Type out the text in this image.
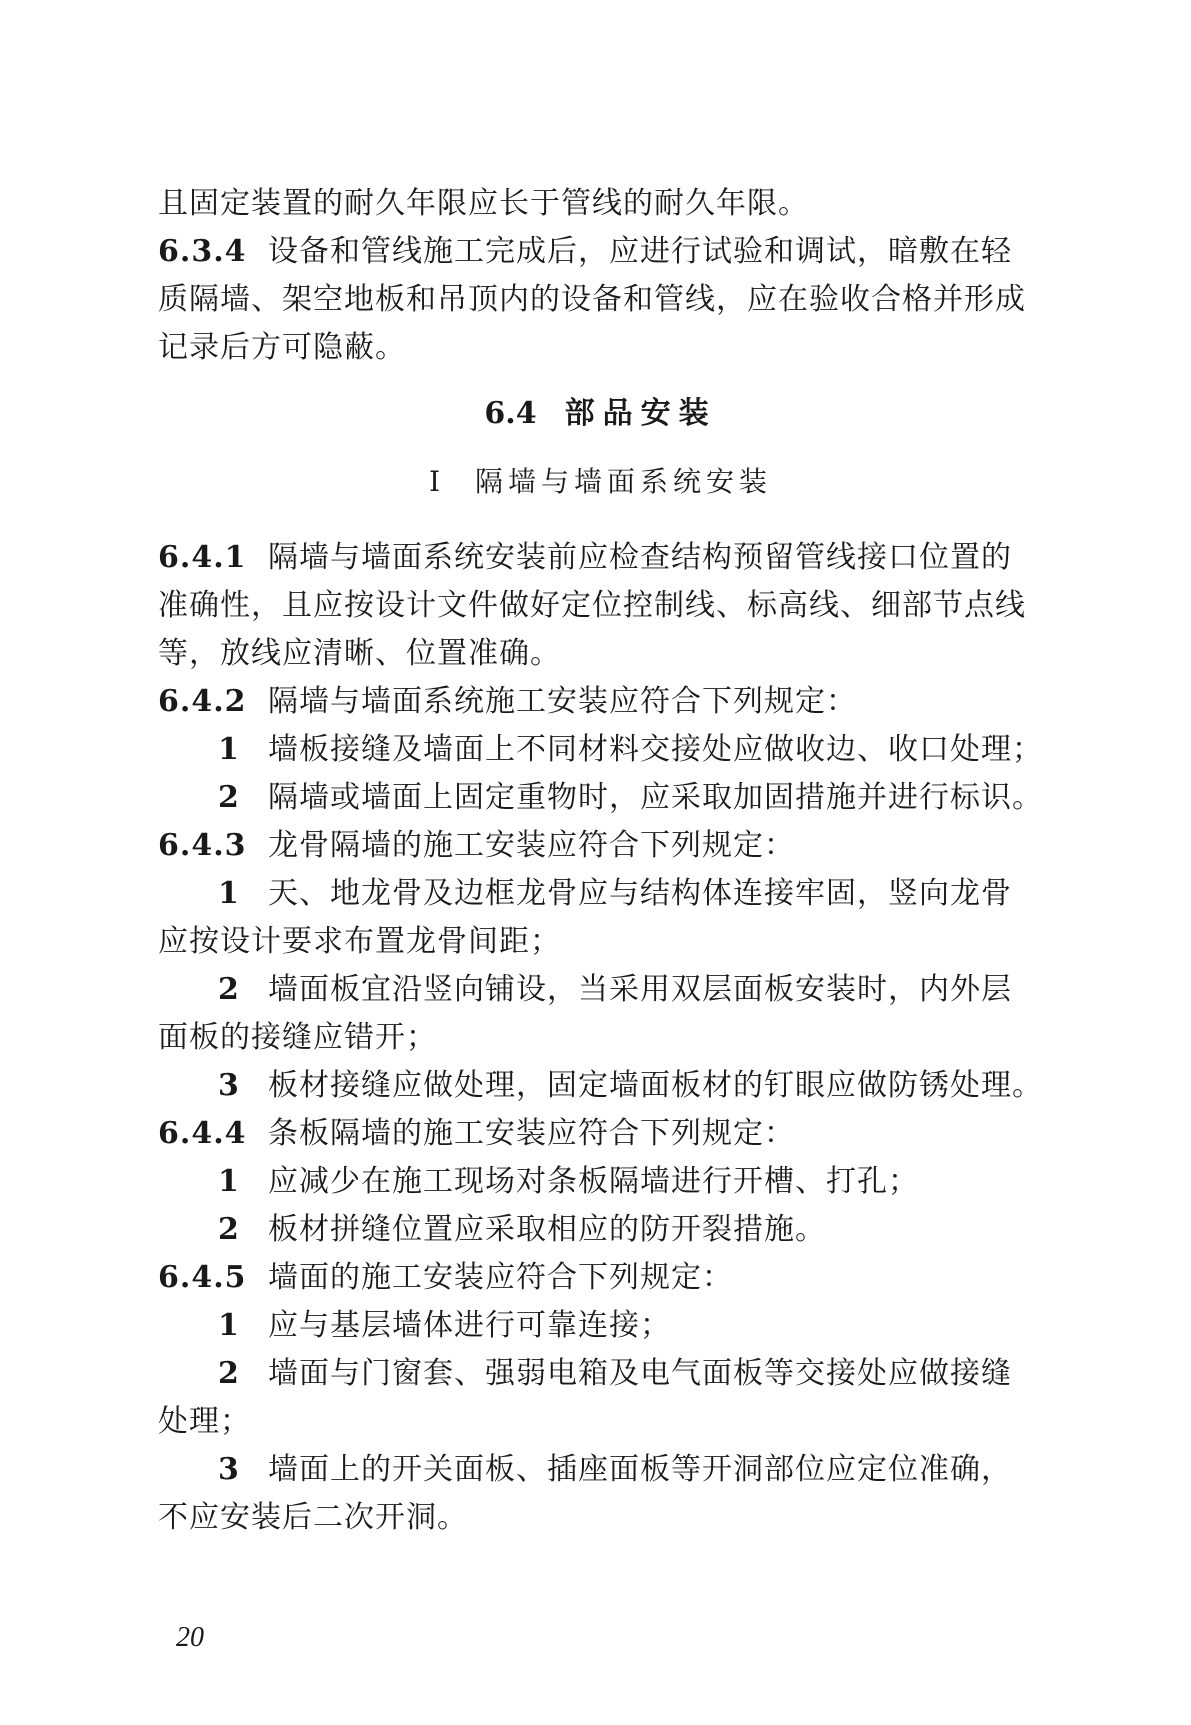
且固定装置的耐久年限应长于管线的耐久年限。
6.3.4 设备和管线施工完成后，应进行试验和调试，暗敷在轻
质隔墙、架空地板和吊顶内的设备和管线，应在验收合格并形成
记录后方可隐蔽。
6.4 部品安装
Ⅰ 隔墙与墙面系统安装
6.4.1 隔墙与墙面系统安装前应检查结构预留管线接口位置的
准确性，且应按设计文件做好定位控制线、标高线、细部节点线
等，放线应清晰、位置准确。
6.4.2 隔墙与墙面系统施工安装应符合下列规定：
1 墙板接缝及墙面上不同材料交接处应做收边、收口处理；
2 隔墙或墙面上固定重物时，应采取加固措施并进行标识。
6.4.3 龙骨隔墙的施工安装应符合下列规定：
1 天、地龙骨及边框龙骨应与结构体连接牢固，竖向龙骨
应按设计要求布置龙骨间距；
2 墙面板宜沿竖向铺设，当采用双层面板安装时，内外层
面板的接缝应错开；
3 板材接缝应做处理，固定墙面板材的钉眼应做防锈处理。
6.4.4 条板隔墙的施工安装应符合下列规定：
1 应减少在施工现场对条板隔墙进行开槽、打孔；
2 板材拼缝位置应采取相应的防开裂措施。
6.4.5 墙面的施工安装应符合下列规定：
1 应与基层墙体进行可靠连接；
2 墙面与门窗套、强弱电箱及电气面板等交接处应做接缝
处理；
3 墙面上的开关面板、插座面板等开洞部位应定位准确，
不应安装后二次开洞。
20
